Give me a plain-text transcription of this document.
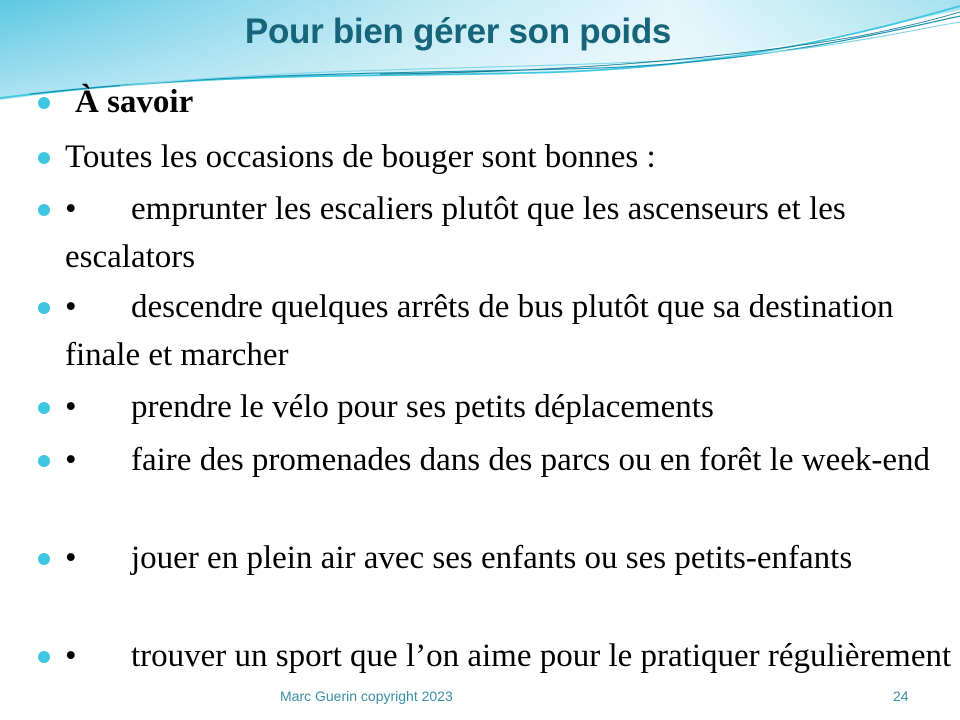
Pour bien gérer son poids

À savoir

Toutes les occasions de bouger sont bonnes :

• emprunter les escaliers plutôt que les ascenseurs et les escalators

• descendre quelques arrêts de bus plutôt que sa destination finale et marcher

• prendre le vélo pour ses petits déplacements

• faire des promenades dans des parcs ou en forêt le week-end

• jouer en plein air avec ses enfants ou ses petits-enfants

• trouver un sport que l’on aime pour le pratiquer régulièrement

Marc Guerin copyright 2023	24
